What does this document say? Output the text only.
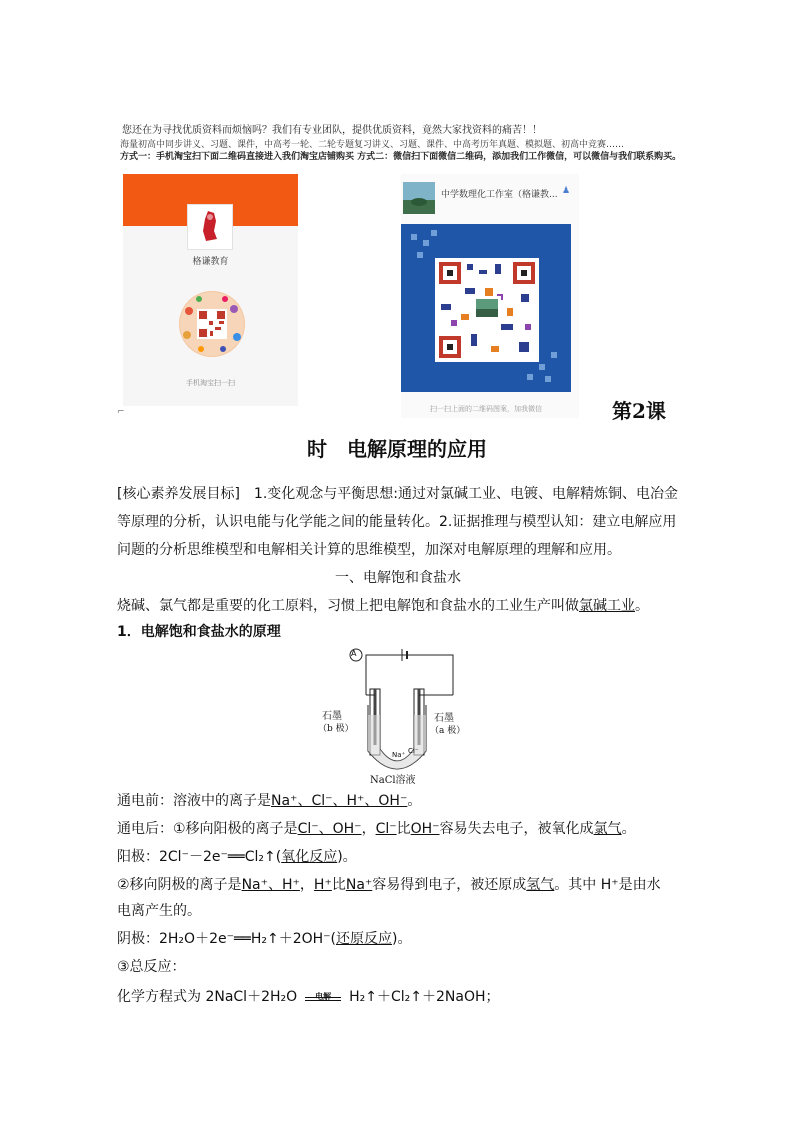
您还在为寻找优质资料而烦恼吗？我们有专业团队，提供优质资料，竟然大家找资料的痛苦！！
海量初高中同步讲义、习题、课件，中高考一轮、二轮专题复习讲义、习题、课件、中高考历年真题、模拟题、初高中竞赛……
方式一：手机淘宝扫下面二维码直接进入我们淘宝店铺购买 方式二：微信扫下面微信二维码，添加我们工作微信，可以微信与我们联系购买。
格谦教育
手机淘宝扫一扫
⌐
中学数理化工作室（格谦教... ♟
扫一扫上面的二维码图案，加我微信	第2课
时　电解原理的应用
[核心素养发展目标]　1.变化观念与平衡思想:通过对氯碱工业、电镀、电解精炼铜、电冶金
等原理的分析，认识电能与化学能之间的能量转化。2.证据推理与模型认知：建立电解应用
问题的分析思维模型和电解相关计算的思维模型，加深对电解原理的理解和应用。
一、电解饱和食盐水
烧碱、氯气都是重要的化工原料，习惯上把电解饱和食盐水的工业生产叫做氯碱工业。
1．电解饱和食盐水的原理
A
Na⁺ Cl⁻
石墨
（b 极）
石墨
（a 极）
NaCl溶液
通电前：溶液中的离子是Na⁺、Cl⁻、H⁺、OH⁻。
通电后：①移向阳极的离子是Cl⁻、OH⁻，Cl⁻比OH⁻容易失去电子，被氧化成氯气。
阳极：2Cl⁻－2e⁻══Cl₂↑(氧化反应)。
②移向阴极的离子是Na⁺、H⁺，H⁺比Na⁺容易得到电子，被还原成氢气。其中 H⁺是由水
电离产生的。
阴极：2H₂O＋2e⁻══H₂↑＋2OH⁻(还原反应)。
③总反应：
化学方程式为 2NaCl＋2H₂O	电解	H₂↑＋Cl₂↑＋2NaOH；
